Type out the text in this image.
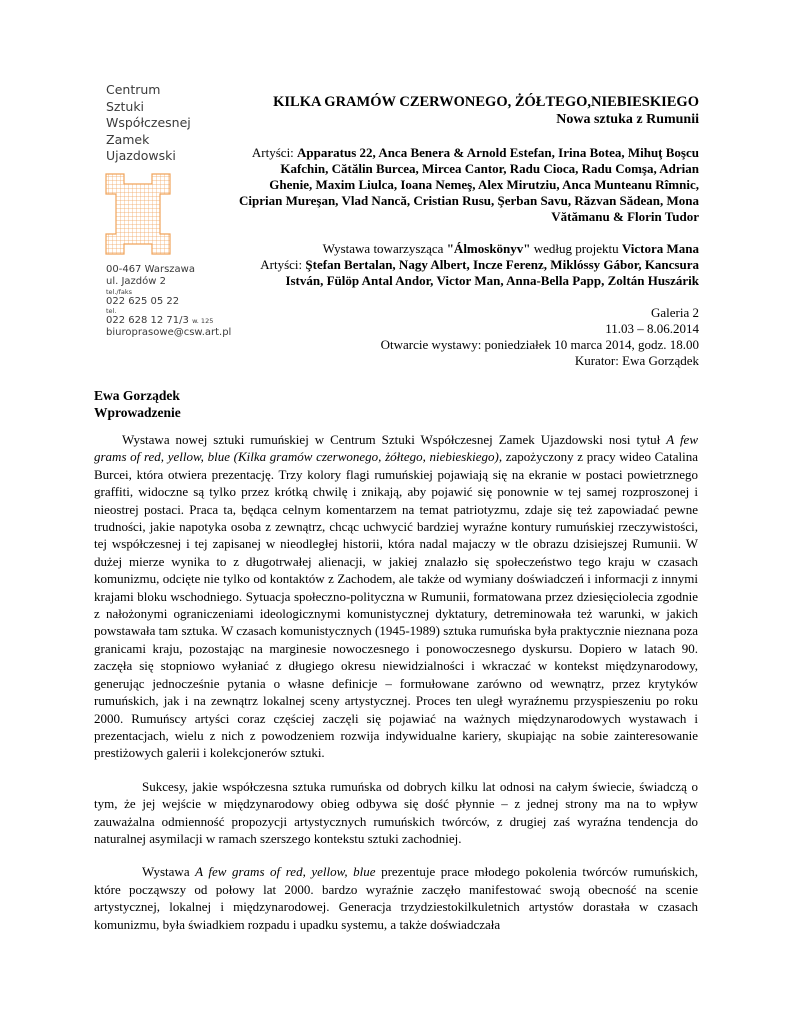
Centrum
Sztuki
Współczesnej
Zamek
Ujazdowski
00-467 Warszawa
ul. Jazdów 2
tel./faks
022 625 05 22
tel.
022 628 12 71/3 w. 125
biuroprasowe@csw.art.pl
KILKA GRAMÓW CZERWONEGO, ŻÓŁTEGO,NIEBIESKIEGO
Nowa sztuka z Rumunii
Artyści: Apparatus 22, Anca Benera & Arnold Estefan, Irina Botea, Mihuţ Boşcu Kafchin, Cătălin Burcea, Mircea Cantor, Radu Cioca, Radu Comşa, Adrian Ghenie, Maxim Liulca, Ioana Nemeş, Alex Mirutziu, Anca Munteanu Rîmnic, Ciprian Mureşan, Vlad Nancă, Cristian Rusu, Şerban Savu, Răzvan Sădean, Mona Vătămanu & Florin Tudor
Wystawa towarzysząca "Álmoskönyv" według projektu Victora Mana
Artyści: Ştefan Bertalan, Nagy Albert, Incze Ferenz, Miklóssy Gábor, Kancsura István, Fülöp Antal Andor, Victor Man, Anna-Bella Papp, Zoltán Huszárik
Galeria 2
11.03 – 8.06.2014
Otwarcie wystawy: poniedziałek 10 marca 2014, godz. 18.00
Kurator: Ewa Gorządek
Ewa Gorządek
Wprowadzenie

Wystawa nowej sztuki rumuńskiej w Centrum Sztuki Współczesnej Zamek Ujazdowski nosi tytuł A few grams of red, yellow, blue (Kilka gramów czerwonego, żółtego, niebieskiego), zapożyczony z pracy wideo Catalina Burcei, która otwiera prezentację. Trzy kolory flagi rumuńskiej pojawiają się na ekranie w postaci powietrznego graffiti, widoczne są tylko przez krótką chwilę i znikają, aby pojawić się ponownie w tej samej rozproszonej i nieostrej postaci. Praca ta, będąca celnym komentarzem na temat patriotyzmu, zdaje się też zapowiadać pewne trudności, jakie napotyka osoba z zewnątrz, chcąc uchwycić bardziej wyraźne kontury rumuńskiej rzeczywistości, tej współczesnej i tej zapisanej w nieodległej historii, która nadal majaczy w tle obrazu dzisiejszej Rumunii. W dużej mierze wynika to z długotrwałej alienacji, w jakiej znalazło się społeczeństwo tego kraju w czasach komunizmu, odcięte nie tylko od kontaktów z Zachodem, ale także od wymiany doświadczeń i informacji z innymi krajami bloku wschodniego. Sytuacja społeczno-polityczna w Rumunii, formatowana przez dziesięciolecia zgodnie z nałożonymi ograniczeniami ideologicznymi komunistycznej dyktatury, detreminowała też warunki, w jakich powstawała tam sztuka. W czasach komunistycznych (1945-1989) sztuka rumuńska była praktycznie nieznana poza granicami kraju, pozostając na marginesie nowoczesnego i ponowoczesnego dyskursu. Dopiero w latach 90. zaczęła się stopniowo wyłaniać z długiego okresu niewidzialności i wkraczać w kontekst międzynarodowy, generując jednocześnie pytania o własne definicje – formułowane zarówno od wewnątrz, przez krytyków rumuńskich, jak i na zewnątrz lokalnej sceny artystycznej. Proces ten uległ wyraźnemu przyspieszeniu po roku 2000. Rumuńscy artyści coraz częściej zaczęli się pojawiać na ważnych międzynarodowych wystawach i prezentacjach, wielu z nich z powodzeniem rozwija indywidualne kariery, skupiając na sobie zainteresowanie prestiżowych galerii i kolekcjonerów sztuki.

Sukcesy, jakie współczesna sztuka rumuńska od dobrych kilku lat odnosi na całym świecie, świadczą o tym, że jej wejście w międzynarodowy obieg odbywa się dość płynnie – z jednej strony ma na to wpływ zauważalna odmienność propozycji artystycznych rumuńskich twórców, z drugiej zaś wyraźna tendencja do naturalnej asymilacji w ramach szerszego kontekstu sztuki zachodniej.

Wystawa A few grams of red, yellow, blue prezentuje prace młodego pokolenia twórców rumuńskich, które począwszy od połowy lat 2000. bardzo wyraźnie zaczęło manifestować swoją obecność na scenie artystycznej, lokalnej i międzynarodowej. Generacja trzydziestokilkuletnich artystów dorastała w czasach komunizmu, była świadkiem rozpadu i upadku systemu, a także doświadczała
